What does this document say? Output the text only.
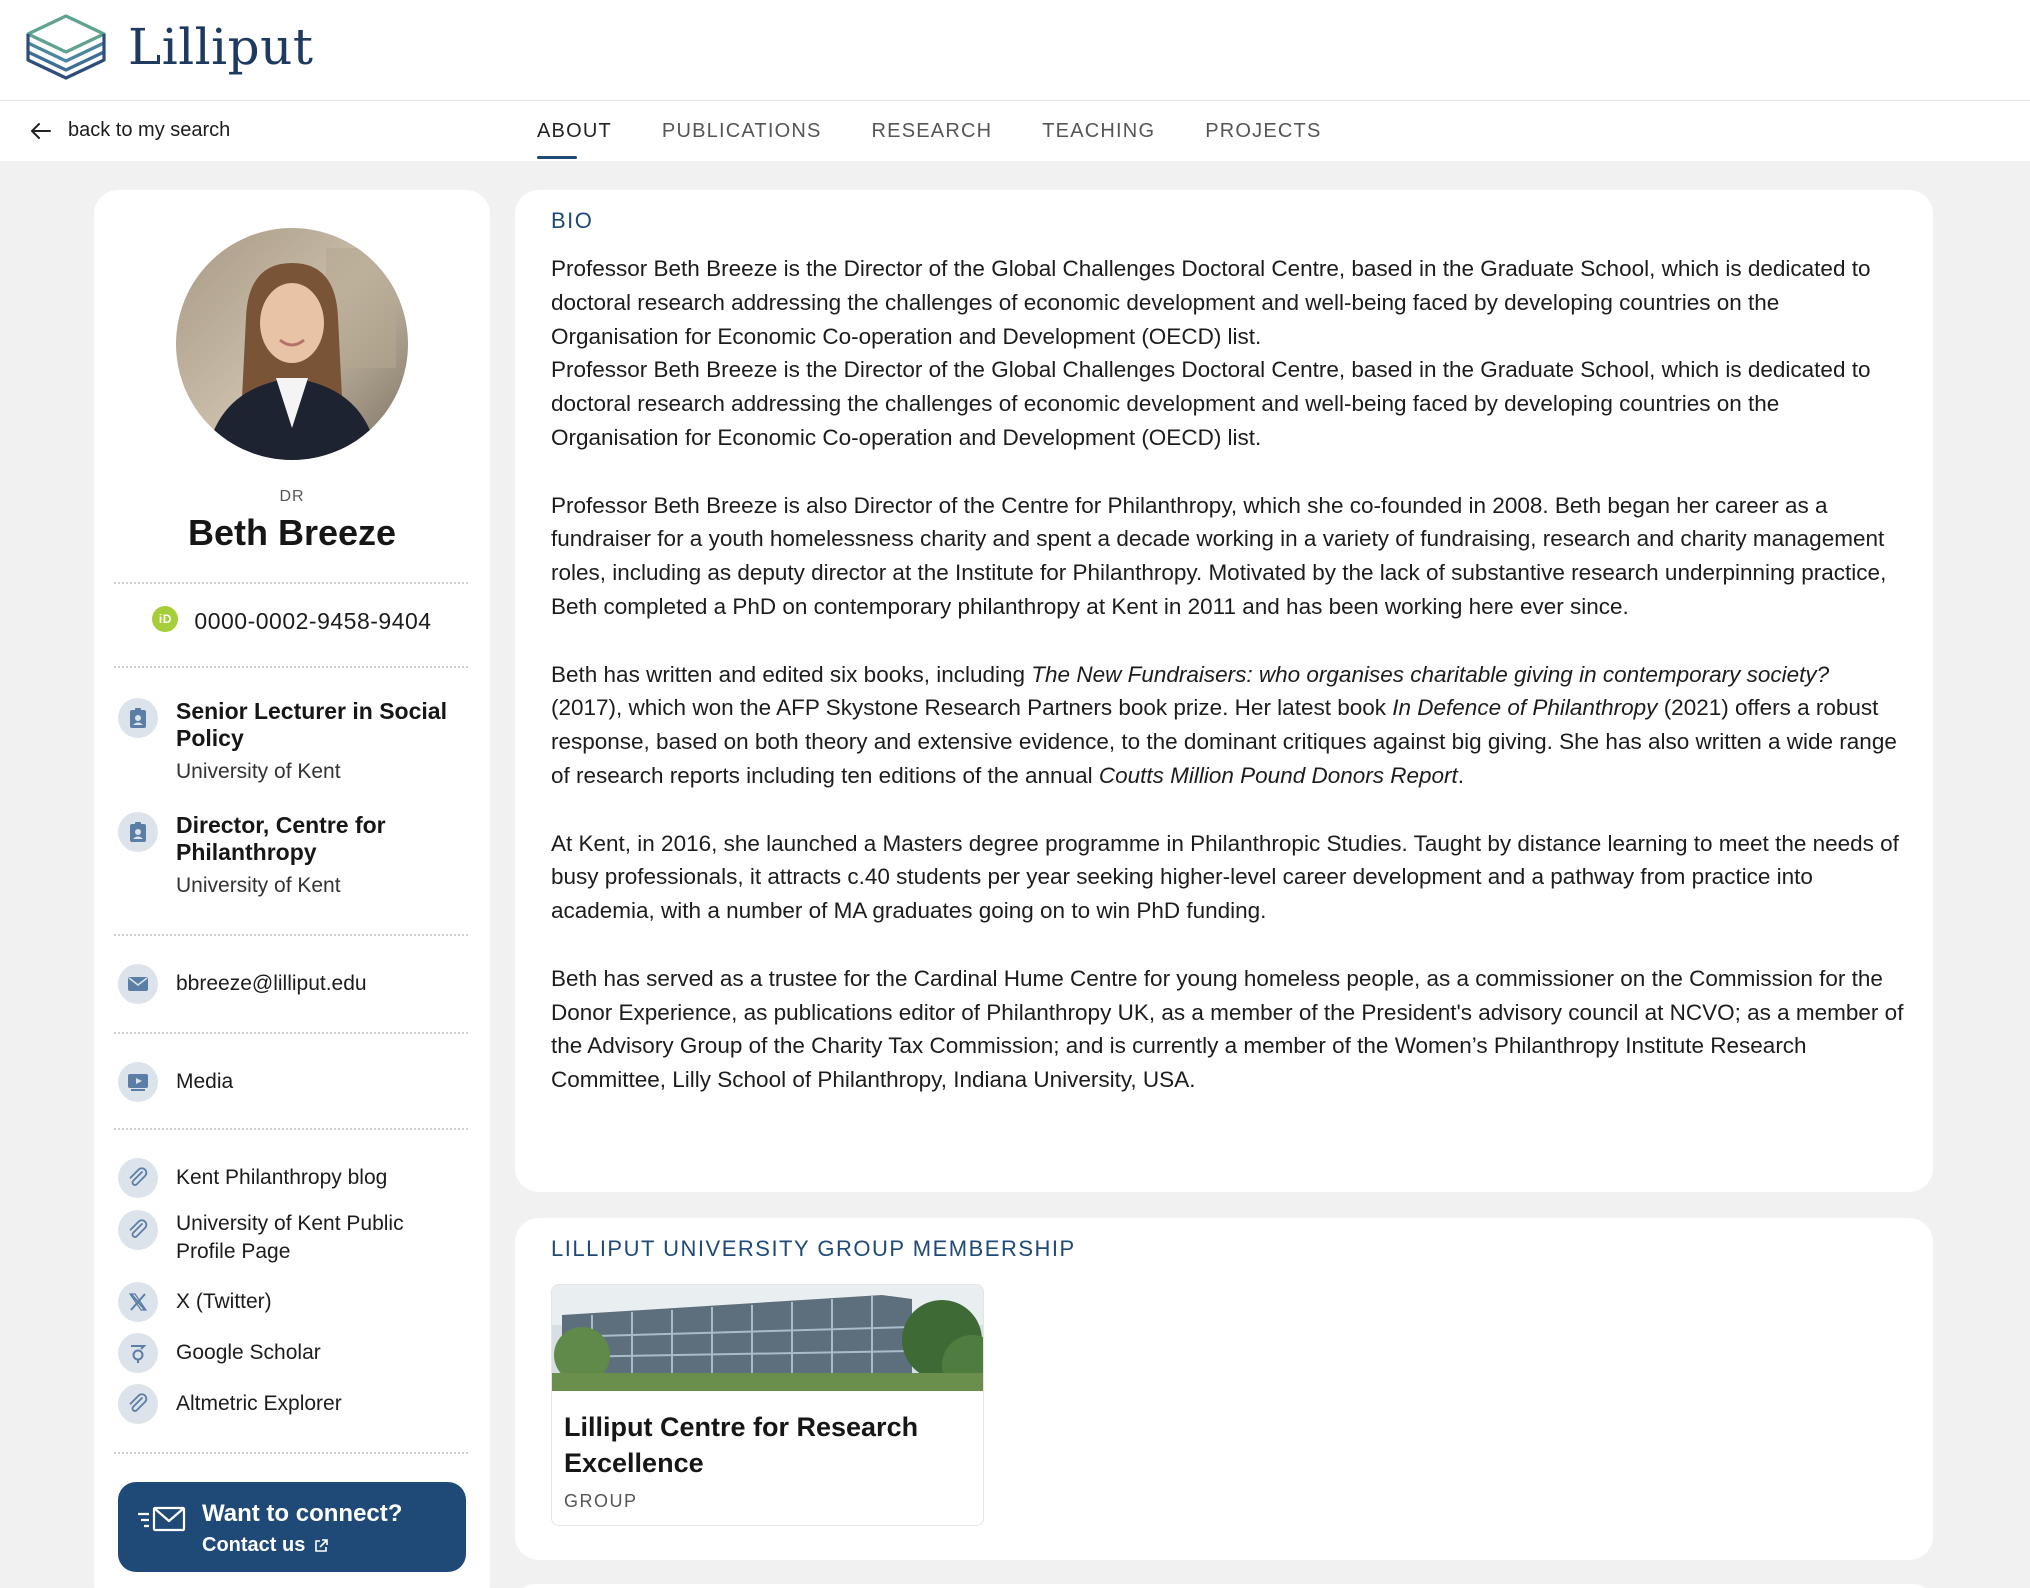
Lilliput
back to my search	ABOUT	PUBLICATIONS	RESEARCH	TEACHING	PROJECTS
DR
Beth Breeze
iD 0000-0002-9458-9404
Senior Lecturer in Social Policy
University of Kent
Director, Centre for Philanthropy
University of Kent
bbreeze@lilliput.edu
Media
Kent Philanthropy blog
University of Kent Public Profile Page
X (Twitter)
Google Scholar
Altmetric Explorer
Want to connect?
Contact us
BIO

Professor Beth Breeze is the Director of the Global Challenges Doctoral Centre, based in the Graduate School, which is dedicated to doctoral research addressing the challenges of economic development and well-being faced by developing countries on the Organisation for Economic Co-operation and Development (OECD) list.

Professor Beth Breeze is the Director of the Global Challenges Doctoral Centre, based in the Graduate School, which is dedicated to doctoral research addressing the challenges of economic development and well-being faced by developing countries on the Organisation for Economic Co-operation and Development (OECD) list.

Professor Beth Breeze is also Director of the Centre for Philanthropy, which she co-founded in 2008. Beth began her career as a fundraiser for a youth homelessness charity and spent a decade working in a variety of fundraising, research and charity management roles, including as deputy director at the Institute for Philanthropy. Motivated by the lack of substantive research underpinning practice, Beth completed a PhD on contemporary philanthropy at Kent in 2011 and has been working here ever since.

Beth has written and edited six books, including The New Fundraisers: who organises charitable giving in contemporary society? (2017), which won the AFP Skystone Research Partners book prize. Her latest book In Defence of Philanthropy (2021) offers a robust response, based on both theory and extensive evidence, to the dominant critiques against big giving. She has also written a wide range of research reports including ten editions of the annual Coutts Million Pound Donors Report.

At Kent, in 2016, she launched a Masters degree programme in Philanthropic Studies. Taught by distance learning to meet the needs of busy professionals, it attracts c.40 students per year seeking higher-level career development and a pathway from practice into academia, with a number of MA graduates going on to win PhD funding.

Beth has served as a trustee for the Cardinal Hume Centre for young homeless people, as a commissioner on the Commission for the Donor Experience, as publications editor of Philanthropy UK, as a member of the President's advisory council at NCVO; as a member of the Advisory Group of the Charity Tax Commission; and is currently a member of the Women’s Philanthropy Institute Research Committee, Lilly School of Philanthropy, Indiana University, USA.

LILLIPUT UNIVERSITY GROUP MEMBERSHIP
Lilliput Centre for Research Excellence
GROUP
